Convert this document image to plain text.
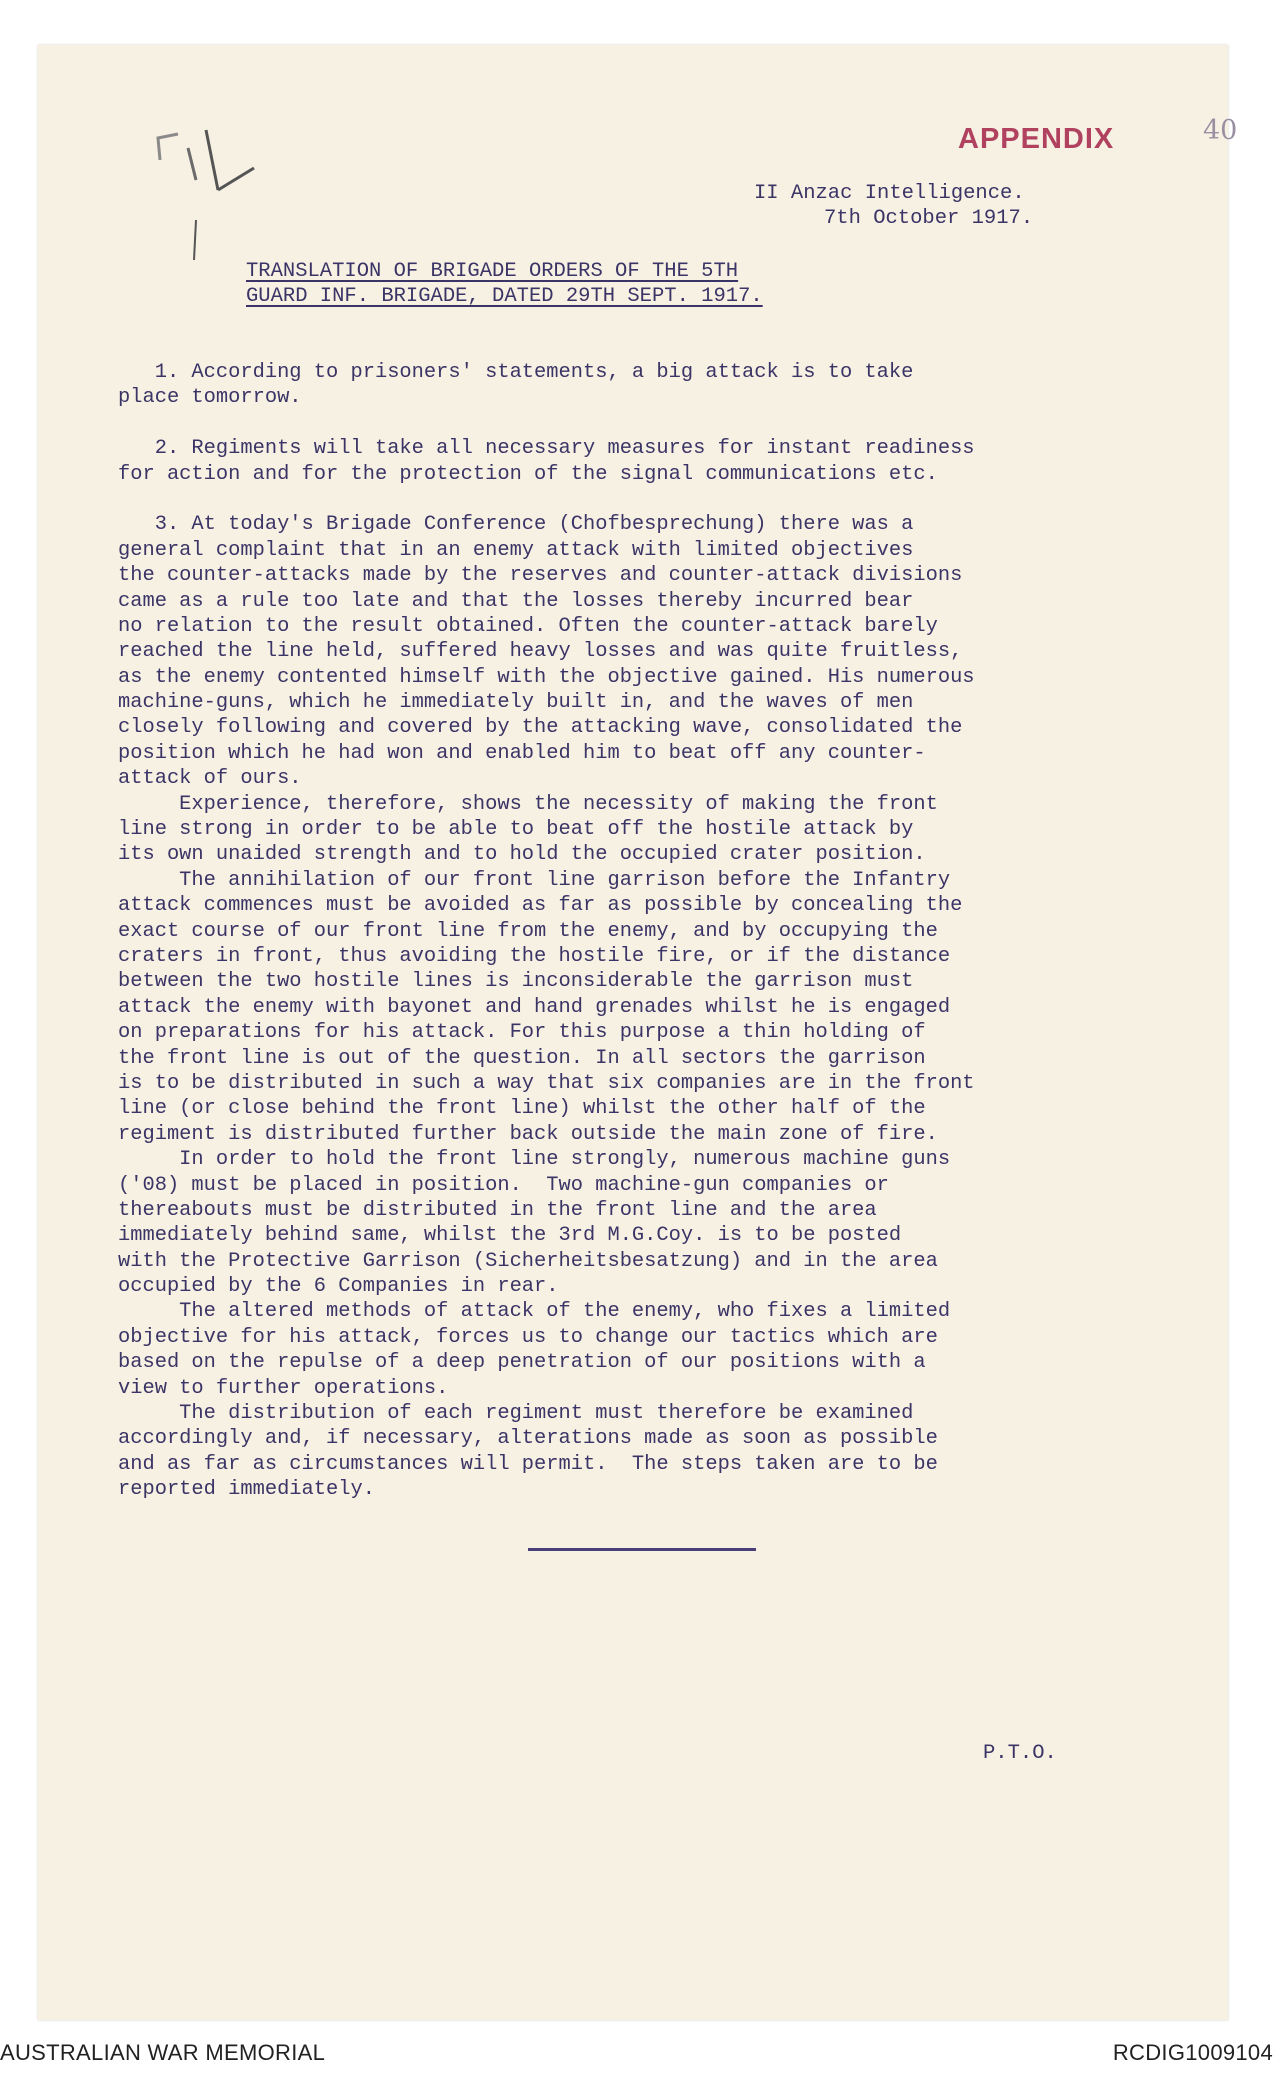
APPENDIX	40
II Anzac Intelligence.
7th October 1917.
TRANSLATION OF BRIGADE ORDERS OF THE 5TH
GUARD INF. BRIGADE, DATED 29TH SEPT. 1917.
1. According to prisoners' statements, a big attack is to take
place tomorrow.
2. Regiments will take all necessary measures for instant readiness
for action and for the protection of the signal communications etc.
3. At today's Brigade Conference (Chofbesprechung) there was a
general complaint that in an enemy attack with limited objectives
the counter-attacks made by the reserves and counter-attack divisions
came as a rule too late and that the losses thereby incurred bear
no relation to the result obtained. Often the counter-attack barely
reached the line held, suffered heavy losses and was quite fruitless,
as the enemy contented himself with the objective gained. His numerous
machine-guns, which he immediately built in, and the waves of men
closely following and covered by the attacking wave, consolidated the
position which he had won and enabled him to beat off any counter-
attack of ours.
Experience, therefore, shows the necessity of making the front
line strong in order to be able to beat off the hostile attack by
its own unaided strength and to hold the occupied crater position.
The annihilation of our front line garrison before the Infantry
attack commences must be avoided as far as possible by concealing the
exact course of our front line from the enemy, and by occupying the
craters in front, thus avoiding the hostile fire, or if the distance
between the two hostile lines is inconsiderable the garrison must
attack the enemy with bayonet and hand grenades whilst he is engaged
on preparations for his attack. For this purpose a thin holding of
the front line is out of the question. In all sectors the garrison
is to be distributed in such a way that six companies are in the front
line (or close behind the front line) whilst the other half of the
regiment is distributed further back outside the main zone of fire.
In order to hold the front line strongly, numerous machine guns
('08) must be placed in position.  Two machine-gun companies or
thereabouts must be distributed in the front line and the area
immediately behind same, whilst the 3rd M.G.Coy. is to be posted
with the Protective Garrison (Sicherheitsbesatzung) and in the area
occupied by the 6 Companies in rear.
The altered methods of attack of the enemy, who fixes a limited
objective for his attack, forces us to change our tactics which are
based on the repulse of a deep penetration of our positions with a
view to further operations.
The distribution of each regiment must therefore be examined
accordingly and, if necessary, alterations made as soon as possible
and as far as circumstances will permit.  The steps taken are to be
reported immediately.
P.T.O.
AUSTRALIAN WAR MEMORIAL	RCDIG1009104
